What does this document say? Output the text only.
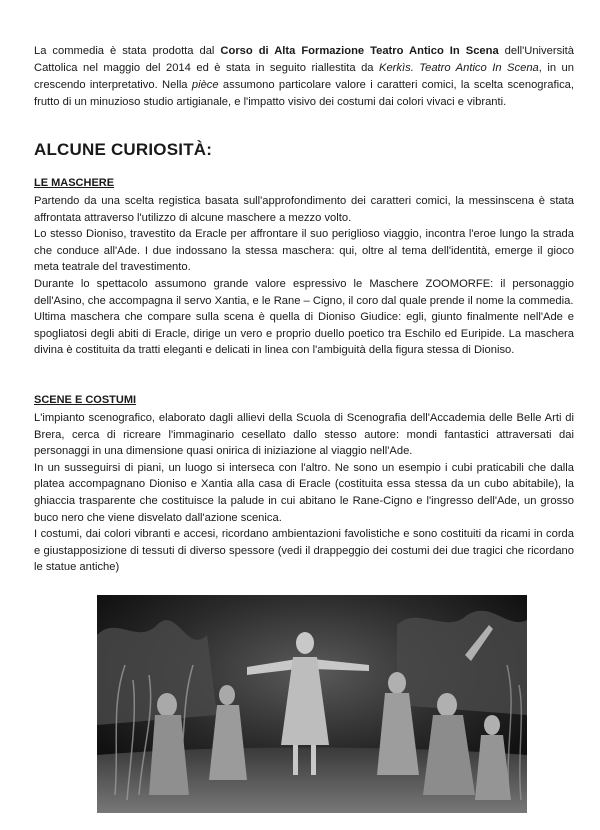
La commedia è stata prodotta dal Corso di Alta Formazione Teatro Antico In Scena dell'Università Cattolica nel maggio del 2014 ed è stata in seguito riallestita da Kerkìs. Teatro Antico In Scena, in un crescendo interpretativo. Nella pièce assumono particolare valore i caratteri comici, la scelta scenografica, frutto di un minuzioso studio artigianale, e l'impatto visivo dei costumi dai colori vivaci e vibranti.
ALCUNE CURIOSITÀ:
LE MASCHERE

Partendo da una scelta registica basata sull'approfondimento dei caratteri comici, la messinscena è stata affrontata attraverso l'utilizzo di alcune maschere a mezzo volto.

Lo stesso Dioniso, travestito da Eracle per affrontare il suo periglioso viaggio, incontra l'eroe lungo la strada che conduce all'Ade. I due indossano la stessa maschera: qui, oltre al tema dell'identità, emerge il gioco meta teatrale del travestimento.

Durante lo spettacolo assumono grande valore espressivo le Maschere ZOOMORFE: il personaggio dell'Asino, che accompagna il servo Xantia, e le Rane – Cigno, il coro dal quale prende il nome la commedia.

Ultima maschera che compare sulla scena è quella di Dioniso Giudice: egli, giunto finalmente nell'Ade e spogliatosi degli abiti di Eracle, dirige un vero e proprio duello poetico tra Eschilo ed Euripide. La maschera divina è costituita da tratti eleganti e delicati in linea con l'ambiguità della figura stessa di Dioniso.

SCENE E COSTUMI

L'impianto scenografico, elaborato dagli allievi della Scuola di Scenografia dell'Accademia delle Belle Arti di Brera, cerca di ricreare l'immaginario cesellato dallo stesso autore: mondi fantastici attraversati dai personaggi in una dimensione quasi onirica di iniziazione al viaggio nell'Ade.

In un susseguirsi di piani, un luogo si interseca con l'altro. Ne sono un esempio i cubi praticabili che dalla platea accompagnano Dioniso e Xantia alla casa di Eracle (costituita essa stessa da un cubo abitabile), la ghiaccia trasparente che costituisce la palude in cui abitano le Rane-Cigno e l'ingresso dell'Ade, un grosso buco nero che viene disvelato dall'azione scenica.

I costumi, dai colori vibranti e accesi, ricordano ambientazioni favolistiche e sono costituiti da ricami in corda e giustapposizione di tessuti di diverso spessore (vedi il drappeggio dei costumi dei due tragici che ricordano le statue antiche)
